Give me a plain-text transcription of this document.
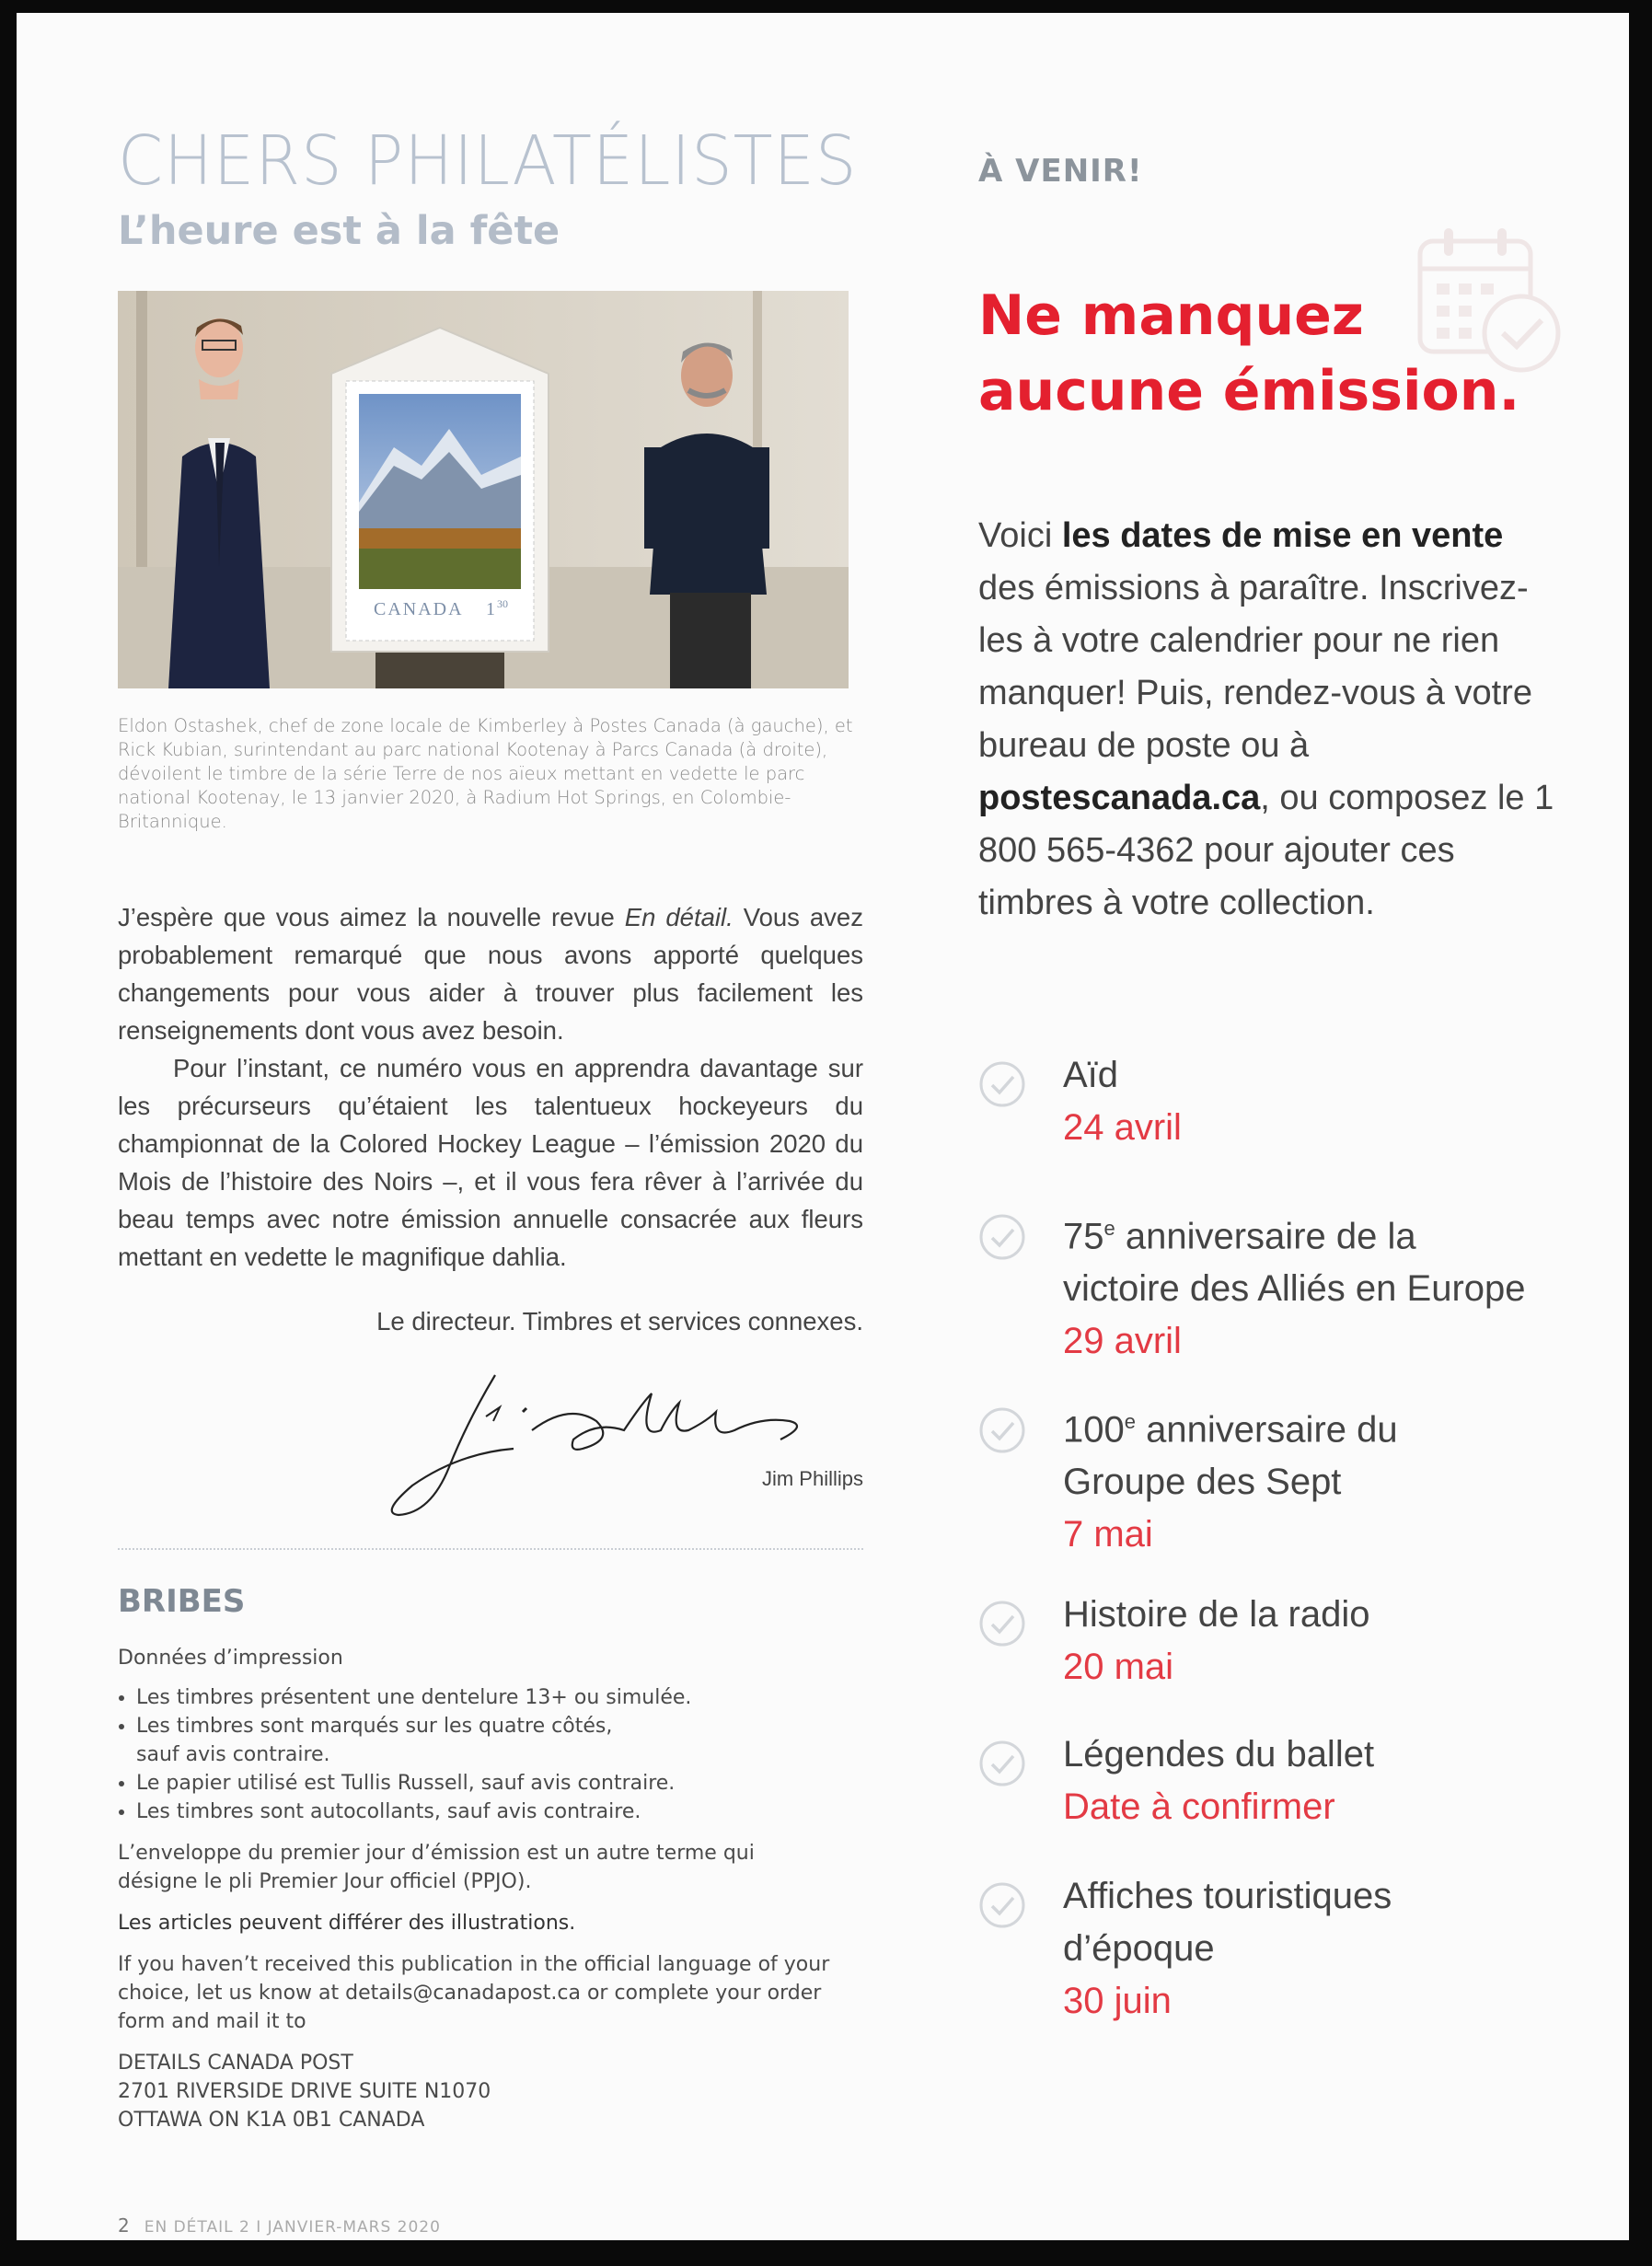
CHERS PHILATÉLISTES
L’heure est à la fête
CANADA 1 30

Eldon Ostashek, chef de zone locale de Kimberley à Postes Canada (à gauche), et Rick Kubian, surintendant au parc national Kootenay à Parcs Canada (à droite), dévoilent le timbre de la série Terre de nos aïeux mettant en vedette le parc national Kootenay, le 13 janvier 2020, à Radium Hot Springs, en Colombie-Britannique.

J’espère que vous aimez la nouvelle revue En détail. Vous avez probablement remarqué que nous avons apporté quelques changements pour vous aider à trouver plus facilement les renseignements dont vous avez besoin.

Pour l’instant, ce numéro vous en apprendra davantage sur les précurseurs qu’étaient les talentueux hockeyeurs du championnat de la Colored Hockey League – l’émission 2020 du Mois de l’histoire des Noirs –, et il vous fera rêver à l’arrivée du beau temps avec notre émission annuelle consacrée aux fleurs mettant en vedette le magnifique dahlia.

Le directeur. Timbres et services connexes.
Jim Phillips
BRIBES

Données d’impression

• Les timbres présentent une dentelure 13+ ou simulée.
• Les timbres sont marqués sur les quatre côtés, sauf avis contraire.
• Le papier utilisé est Tullis Russell, sauf avis contraire.
• Les timbres sont autocollants, sauf avis contraire.

L’enveloppe du premier jour d’émission est un autre terme qui désigne le pli Premier Jour officiel (PPJO).

Les articles peuvent différer des illustrations.

If you haven’t received this publication in the official language of your choice, let us know at details@canadapost.ca or complete your order form and mail it to

DETAILS CANADA POST
2701 RIVERSIDE DRIVE SUITE N1070
OTTAWA ON K1A 0B1 CANADA
2 EN DÉTAIL 2 I JANVIER-MARS 2020
À VENIR!
Ne manquez
aucune émission.
Voici les dates de mise en vente des émissions à paraître. Inscrivez-les à votre calendrier pour ne rien manquer! Puis, rendez-vous à votre bureau de poste ou à postescanada.ca, ou composez le 1 800 565-4362 pour ajouter ces timbres à votre collection.
Aïd
24 avril
75e anniversaire de la
victoire des Alliés en Europe
29 avril
100e anniversaire du
Groupe des Sept
7 mai
Histoire de la radio
20 mai
Légendes du ballet
Date à confirmer
Affiches touristiques
d’époque
30 juin
